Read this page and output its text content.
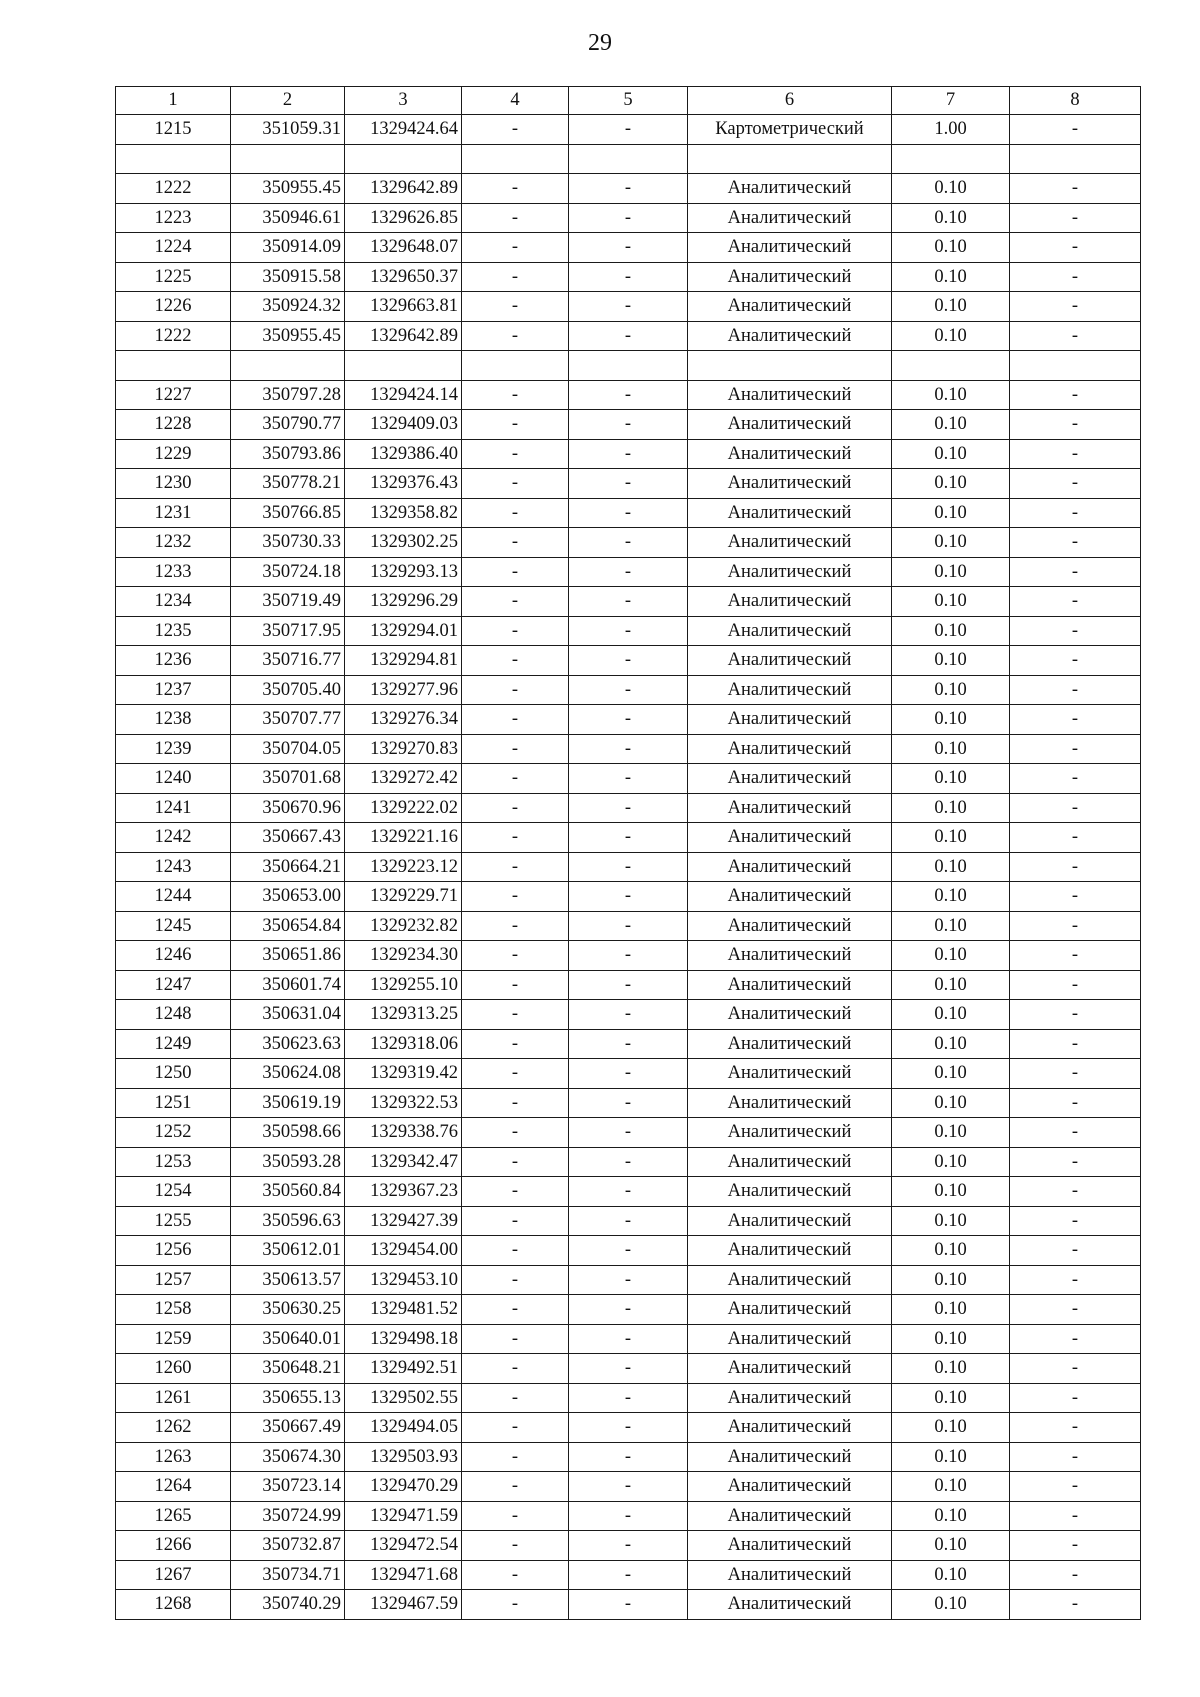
29
1	2	3	4	5	6	7	8
1215	351059.31	1329424.64	-	-	Картометрический	1.00	-

1222	350955.45	1329642.89	-	-	Аналитический	0.10	-
1223	350946.61	1329626.85	-	-	Аналитический	0.10	-
1224	350914.09	1329648.07	-	-	Аналитический	0.10	-
1225	350915.58	1329650.37	-	-	Аналитический	0.10	-
1226	350924.32	1329663.81	-	-	Аналитический	0.10	-
1222	350955.45	1329642.89	-	-	Аналитический	0.10	-

1227	350797.28	1329424.14	-	-	Аналитический	0.10	-
1228	350790.77	1329409.03	-	-	Аналитический	0.10	-
1229	350793.86	1329386.40	-	-	Аналитический	0.10	-
1230	350778.21	1329376.43	-	-	Аналитический	0.10	-
1231	350766.85	1329358.82	-	-	Аналитический	0.10	-
1232	350730.33	1329302.25	-	-	Аналитический	0.10	-
1233	350724.18	1329293.13	-	-	Аналитический	0.10	-
1234	350719.49	1329296.29	-	-	Аналитический	0.10	-
1235	350717.95	1329294.01	-	-	Аналитический	0.10	-
1236	350716.77	1329294.81	-	-	Аналитический	0.10	-
1237	350705.40	1329277.96	-	-	Аналитический	0.10	-
1238	350707.77	1329276.34	-	-	Аналитический	0.10	-
1239	350704.05	1329270.83	-	-	Аналитический	0.10	-
1240	350701.68	1329272.42	-	-	Аналитический	0.10	-
1241	350670.96	1329222.02	-	-	Аналитический	0.10	-
1242	350667.43	1329221.16	-	-	Аналитический	0.10	-
1243	350664.21	1329223.12	-	-	Аналитический	0.10	-
1244	350653.00	1329229.71	-	-	Аналитический	0.10	-
1245	350654.84	1329232.82	-	-	Аналитический	0.10	-
1246	350651.86	1329234.30	-	-	Аналитический	0.10	-
1247	350601.74	1329255.10	-	-	Аналитический	0.10	-
1248	350631.04	1329313.25	-	-	Аналитический	0.10	-
1249	350623.63	1329318.06	-	-	Аналитический	0.10	-
1250	350624.08	1329319.42	-	-	Аналитический	0.10	-
1251	350619.19	1329322.53	-	-	Аналитический	0.10	-
1252	350598.66	1329338.76	-	-	Аналитический	0.10	-
1253	350593.28	1329342.47	-	-	Аналитический	0.10	-
1254	350560.84	1329367.23	-	-	Аналитический	0.10	-
1255	350596.63	1329427.39	-	-	Аналитический	0.10	-
1256	350612.01	1329454.00	-	-	Аналитический	0.10	-
1257	350613.57	1329453.10	-	-	Аналитический	0.10	-
1258	350630.25	1329481.52	-	-	Аналитический	0.10	-
1259	350640.01	1329498.18	-	-	Аналитический	0.10	-
1260	350648.21	1329492.51	-	-	Аналитический	0.10	-
1261	350655.13	1329502.55	-	-	Аналитический	0.10	-
1262	350667.49	1329494.05	-	-	Аналитический	0.10	-
1263	350674.30	1329503.93	-	-	Аналитический	0.10	-
1264	350723.14	1329470.29	-	-	Аналитический	0.10	-
1265	350724.99	1329471.59	-	-	Аналитический	0.10	-
1266	350732.87	1329472.54	-	-	Аналитический	0.10	-
1267	350734.71	1329471.68	-	-	Аналитический	0.10	-
1268	350740.29	1329467.59	-	-	Аналитический	0.10	-
